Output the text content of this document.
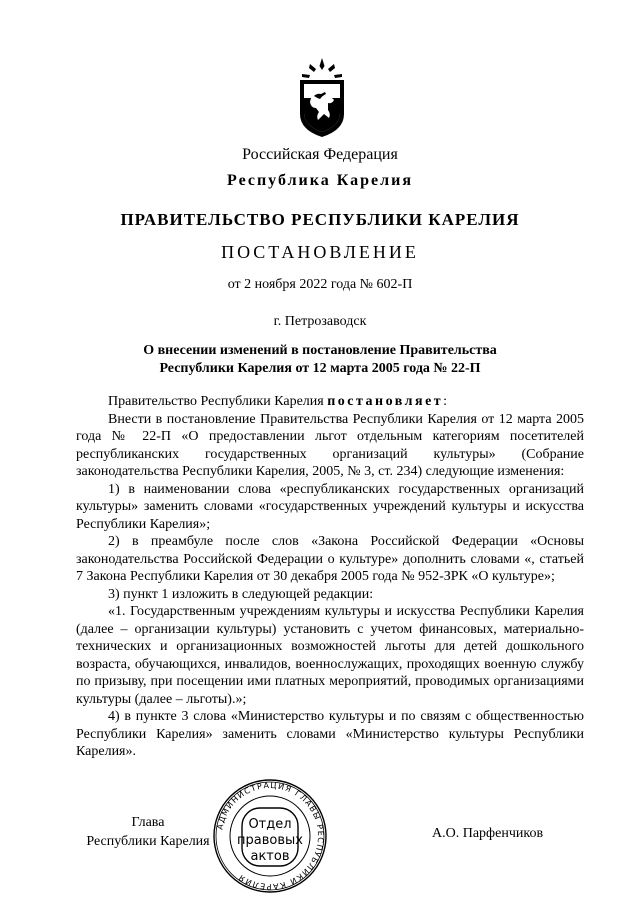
Российская Федерация
Республика Карелия
ПРАВИТЕЛЬСТВО РЕСПУБЛИКИ КАРЕЛИЯ
ПОСТАНОВЛЕНИЕ
от 2 ноября 2022 года № 602-П
г. Петрозаводск
О внесении изменений в постановление Правительства
Республики Карелия от 12 марта 2005 года № 22-П

Правительство Республики Карелия постановляет:

Внести в постановление Правительства Республики Карелия от 12 марта 2005 года № 22-П «О предоставлении льгот отдельным категориям посетителей республиканских государственных организаций культуры» (Собрание законодательства Республики Карелия, 2005, № 3, ст. 234) следующие изменения:

1) в наименовании слова «республиканских государственных организаций культуры» заменить словами «государственных учреждений культуры и искусства Республики Карелия»;

2) в преамбуле после слов «Закона Российской Федерации «Основы законодательства Российской Федерации о культуре» дополнить словами «, статьей 7 Закона Республики Карелия от 30 декабря 2005 года № 952-ЗРК «О культуре»;

3) пункт 1 изложить в следующей редакции:

«1. Государственным учреждениям культуры и искусства Республики Карелия (далее – организации культуры) установить с учетом финансовых, материально-технических и организационных возможностей льготы для детей дошкольного возраста, обучающихся, инвалидов, военнослужащих, проходящих военную службу по призыву, при посещении ими платных мероприятий, проводимых организациями культуры (далее – льготы).»;

4) в пункте 3 слова «Министерство культуры и по связям с общественностью Республики Карелия» заменить словами «Министерство культуры Республики Карелия».

Глава
Республики Карелия
А.О. Парфенчиков
АДМИНИСТРАЦИЯ ГЛАВЫ РЕСПУБЛИКИ КАРЕЛИЯ
Отдел
правовых
актов
